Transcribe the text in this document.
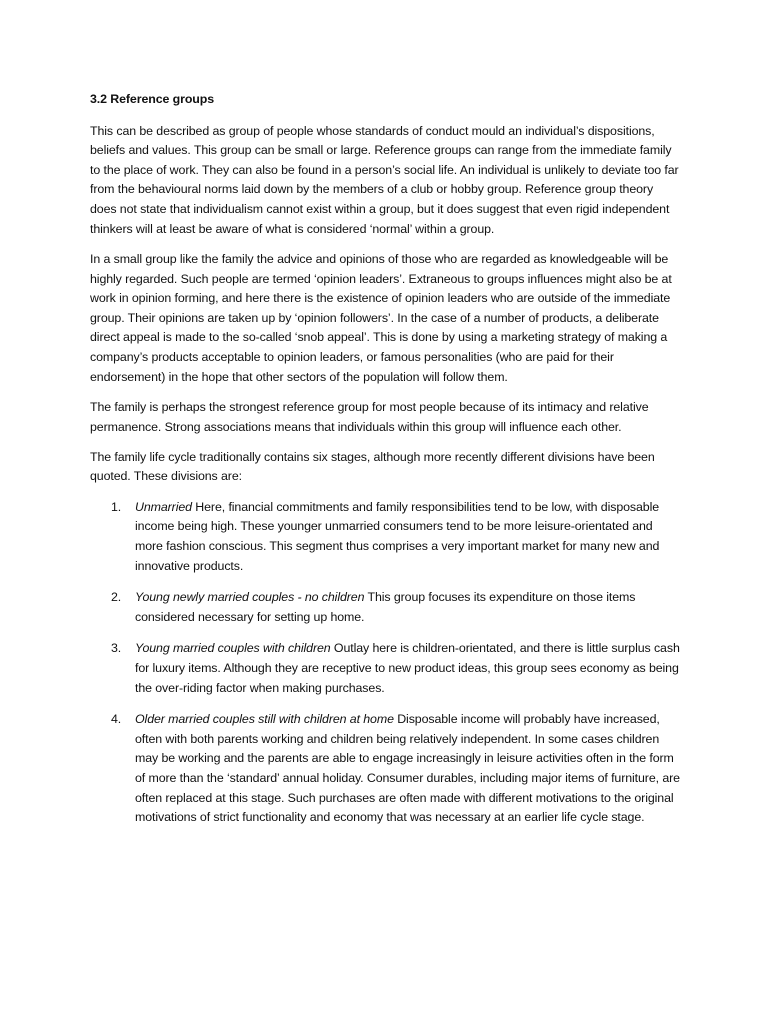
3.2 Reference groups

This can be described as group of people whose standards of conduct mould an individual’s dispositions, beliefs and values. This group can be small or large. Reference groups can range from the immediate family to the place of work. They can also be found in a person’s social life. An individual is unlikely to deviate too far from the behavioural norms laid down by the members of a club or hobby group. Reference group theory does not state that individualism cannot exist within a group, but it does suggest that even rigid independent thinkers will at least be aware of what is considered ‘normal’ within a group.

In a small group like the family the advice and opinions of those who are regarded as knowledgeable will be highly regarded. Such people are termed ‘opinion leaders’. Extraneous to groups influences might also be at work in opinion forming, and here there is the existence of opinion leaders who are outside of the immediate group. Their opinions are taken up by ‘opinion followers’. In the case of a number of products, a deliberate direct appeal is made to the so-called ‘snob appeal’. This is done by using a marketing strategy of making a company’s products acceptable to opinion leaders, or famous personalities (who are paid for their endorsement) in the hope that other sectors of the population will follow them.

The family is perhaps the strongest reference group for most people because of its intimacy and relative permanence. Strong associations means that individuals within this group will influence each other.

The family life cycle traditionally contains six stages, although more recently different divisions have been quoted. These divisions are:

1. Unmarried Here, financial commitments and family responsibilities tend to be low, with disposable income being high. These younger unmarried consumers tend to be more leisure-orientated and more fashion conscious. This segment thus comprises a very important market for many new and innovative products.
2. Young newly married couples - no children This group focuses its expenditure on those items considered necessary for setting up home.
3. Young married couples with children Outlay here is children-orientated, and there is little surplus cash for luxury items. Although they are receptive to new product ideas, this group sees economy as being the over-riding factor when making purchases.
4. Older married couples still with children at home Disposable income will probably have increased, often with both parents working and children being relatively independent. In some cases children may be working and the parents are able to engage increasingly in leisure activities often in the form of more than the ‘standard’ annual holiday. Consumer durables, including major items of furniture, are often replaced at this stage. Such purchases are often made with different motivations to the original motivations of strict functionality and economy that was necessary at an earlier life cycle stage.
